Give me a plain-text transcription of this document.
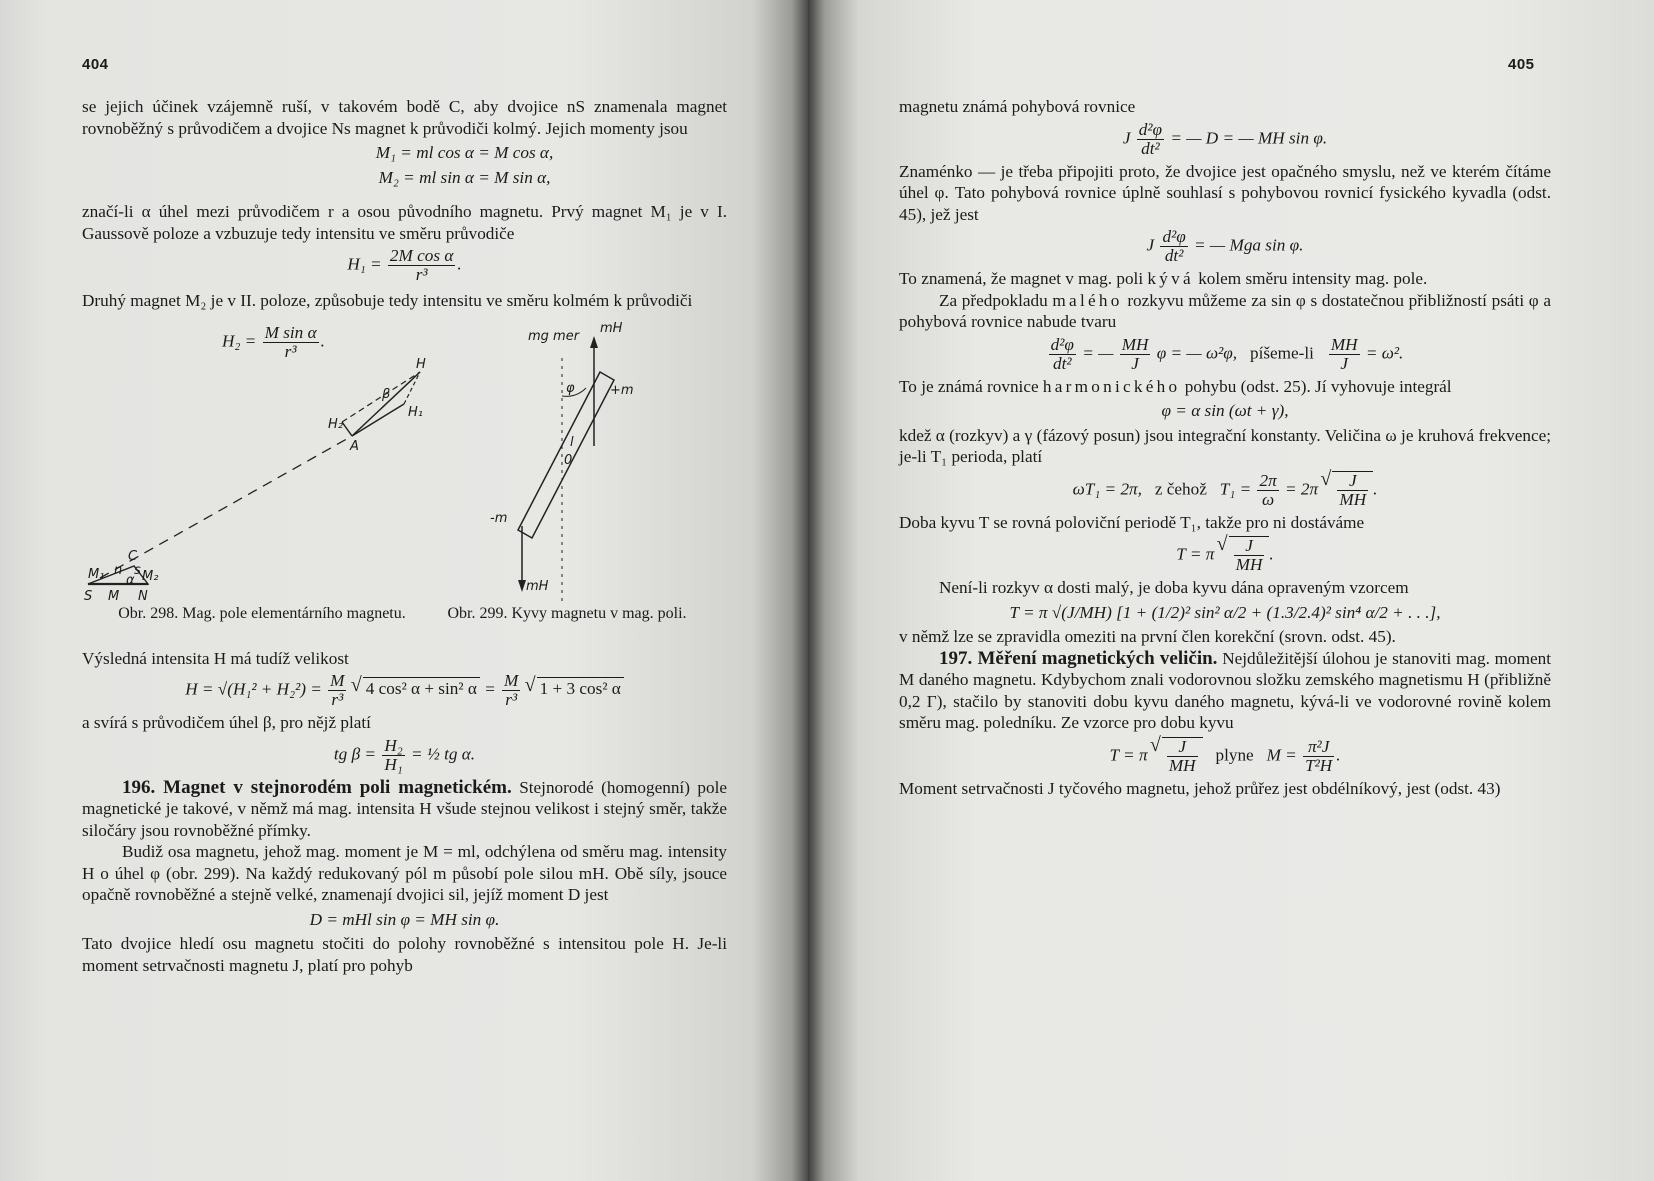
404

se jejich účinek vzájemně ruší, v takovém bodě C, aby dvojice nS znamenala magnet rovnoběžný s průvodičem a dvojice Ns magnet k průvodiči kolmý. Jejich momenty jsou

M₁ = ml cos α = M cos α,
M₂ = ml sin α = M sin α,

značí-li α úhel mezi průvodičem r a osou původního magnetu. Prvý magnet M₁ je v I. Gaussově poloze a vzbuzuje tedy intensitu ve směru průvodiče

$H_1 = \frac{\text{2M cos α}}{\text{r³}}$ .

Druhý magnet M₂ je v II. poloze, způsobuje tedy intensitu ve směru kolmém k průvodiči

$H_2 = \frac{\text{M sin α}}{\text{r³}}$ .
H
H₁
H₂
β
A
C
n s
M₁	M₂
α
S M N
mg mer
mH
φ	+m
l
0
-m
mH
Obr. 298. Mag. pole elementárního magnetu.	Obr. 299. Kyvy magnetu v mag. poli.

Výsledná intensita H má tudíž velikost

$H = √(H_1^2 + H_2^2) = \frac{M}{\text{r³}}$ √ 4 cos² α + sin² $\alpha = \frac{M}{\text{r³}}$ √ 1 + 3 cos² α

a svírá s průvodičem úhel β, pro nějž platí

tg $\beta = \frac{\text{H₂}}{\text{H₁}}$ = ½ tg α.

196. Magnet v stejnorodém poli magnetickém. Stejnorodé (homogenní) pole magnetické je takové, v němž má mag. intensita H všude stejnou velikost i stejný směr, takže siločáry jsou rovnoběžné přímky.

Budiž osa magnetu, jehož mag. moment je M = ml, odchýlena od směru mag. intensity H o úhel φ (obr. 299). Na každý redukovaný pól m působí pole silou mH. Obě síly, jsouce opačně rovnoběžné a stejně velké, znamenají dvojici sil, jejíž moment D jest

D = mHl sin φ = MH sin φ.

Tato dvojice hledí osu magnetu stočiti do polohy rovnoběžné s intensitou pole H. Je-li moment setrvačnosti magnetu J, platí pro pohyb

405

magnetu známá pohybová rovnice

J $\frac{\text{d²φ}}{\text{dt²}}$ = — D = — MH sin φ.

Znaménko — je třeba připojiti proto, že dvojice jest opačného smyslu, než ve kterém čítáme úhel φ. Tato pohybová rovnice úplně souhlasí s pohybovou rovnicí fysického kyvadla (odst. 45), jež jest

J $\frac{\text{d²φ}}{\text{dt²}}$ = — Mga sin φ.

To znamená, že magnet v mag. poli kývá kolem směru intensity mag. pole.

Za předpokladu malého rozkyvu můžeme za sin φ s dostatečnou přibližností psáti φ a pohybová rovnice nabude tvaru

$\frac{\text{d²φ}}{\text{dt²}}$ = — $\frac{MH}{J}$ φ = — ω²φ, píšeme-li $\frac{MH}{J} = \omega^2$.

To je známá rovnice harmonického pohybu (odst. 25). Jí vyhovuje integrál

φ = α sin (ωt + γ),

kdež α (rozkyv) a γ (fázový posun) jsou integrační konstanty. Veličina ω je kruhová frekvence; je-li T₁ perioda, platí

ωT₁ = 2π, z čehož $T_1 = \frac{2\pi}{\omega} = 2\pi$ √ $\frac{J}{MH}$ .

Doba kyvu T se rovná poloviční periodě T₁, takže pro ni dostáváme

T = π √ $\frac{J}{MH}$ .

Není-li rozkyv α dosti malý, je doba kyvu dána opraveným vzorcem

T = π √(J/MH) [1 + (1/2)² sin² α/2 + (1.3/2.4)² sin⁴ α/2 + . . .],

v němž lze se zpravidla omeziti na první člen korekční (srovn. odst. 45).

197. Měření magnetických veličin. Nejdůležitější úlohou je stanoviti mag. moment M daného magnetu. Kdybychom znali vodorovnou složku zemského magnetismu H (přibližně 0,2 Γ), stačilo by stanoviti dobu kyvu daného magnetu, kývá-li ve vodorovné rovině kolem směru mag. poledníku. Ze vzorce pro dobu kyvu

T = π √ $\frac{J}{MH}$ plyne $M = \frac{\text{π²J}}{\text{T²H}}$ .

Moment setrvačnosti J tyčového magnetu, jehož průřez jest obdélníkový, jest (odst. 43)
